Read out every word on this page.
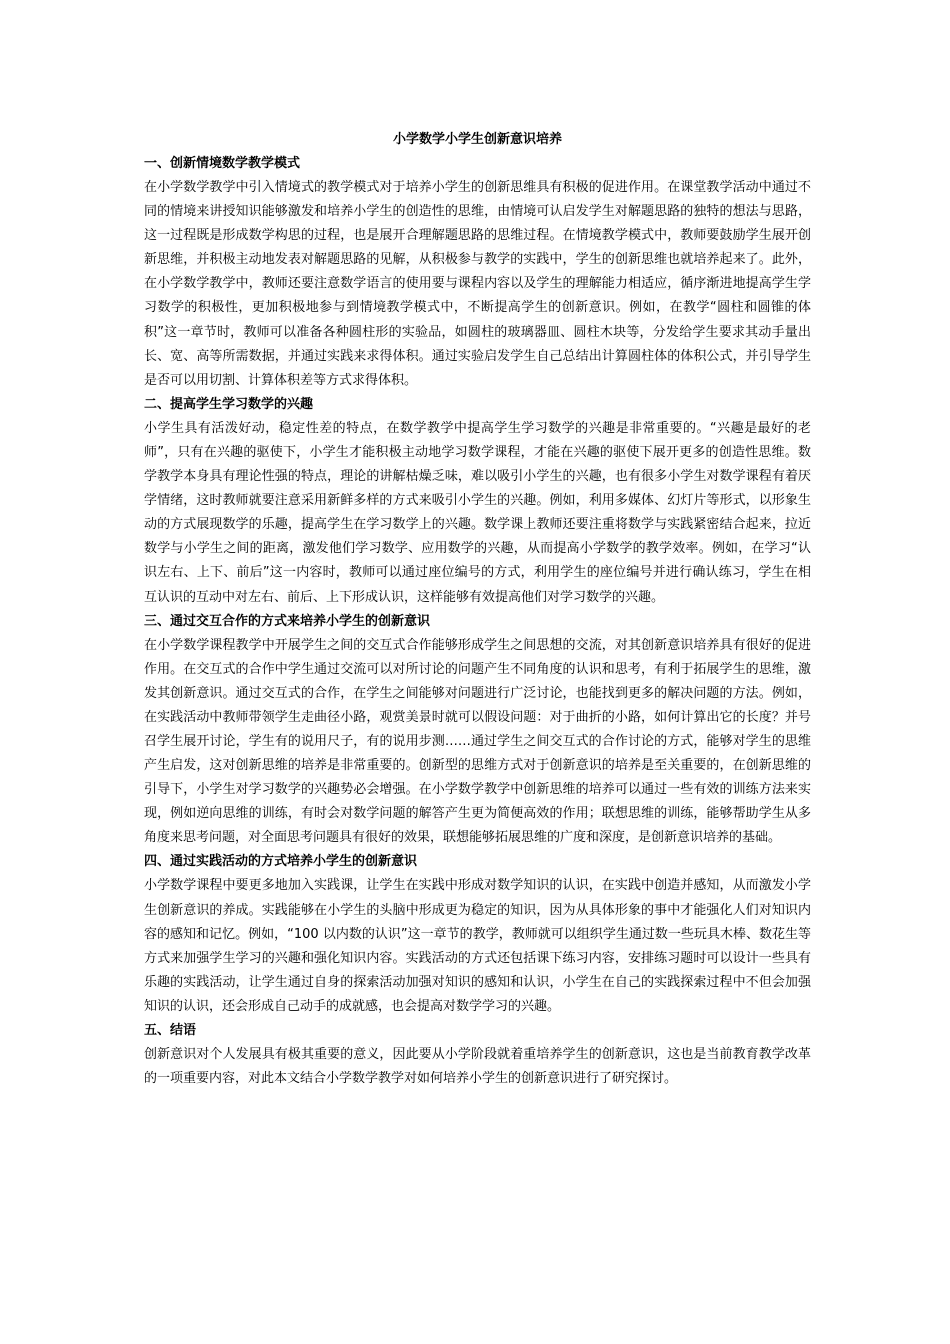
小学数学小学生创新意识培养
一、创新情境数学教学模式

在小学数学教学中引入情境式的教学模式对于培养小学生的创新思维具有积极的促进作用。在课堂教学活动中通过不同的情境来讲授知识能够激发和培养小学生的创造性的思维，由情境可认启发学生对解题思路的独特的想法与思路，这一过程既是形成数学构思的过程，也是展开合理解题思路的思维过程。在情境教学模式中，教师要鼓励学生展开创新思维，并积极主动地发表对解题思路的见解，从积极参与教学的实践中，学生的创新思维也就培养起来了。此外，在小学数学教学中，教师还要注意数学语言的使用要与课程内容以及学生的理解能力相适应，循序渐进地提高学生学习数学的积极性，更加积极地参与到情境教学模式中，不断提高学生的创新意识。例如，在教学“圆柱和圆锥的体积”这一章节时，教师可以准备各种圆柱形的实验品，如圆柱的玻璃器皿、圆柱木块等，分发给学生要求其动手量出长、宽、高等所需数据，并通过实践来求得体积。通过实验启发学生自己总结出计算圆柱体的体积公式，并引导学生是否可以用切割、计算体积差等方式求得体积。

二、提高学生学习数学的兴趣

小学生具有活泼好动，稳定性差的特点，在数学教学中提高学生学习数学的兴趣是非常重要的。“兴趣是最好的老师”，只有在兴趣的驱使下，小学生才能积极主动地学习数学课程，才能在兴趣的驱使下展开更多的创造性思维。数学教学本身具有理论性强的特点，理论的讲解枯燥乏味，难以吸引小学生的兴趣，也有很多小学生对数学课程有着厌学情绪，这时教师就要注意采用新鲜多样的方式来吸引小学生的兴趣。例如，利用多媒体、幻灯片等形式，以形象生动的方式展现数学的乐趣，提高学生在学习数学上的兴趣。数学课上教师还要注重将数学与实践紧密结合起来，拉近数学与小学生之间的距离，激发他们学习数学、应用数学的兴趣，从而提高小学数学的教学效率。例如，在学习“认识左右、上下、前后”这一内容时，教师可以通过座位编号的方式，利用学生的座位编号并进行确认练习，学生在相互认识的互动中对左右、前后、上下形成认识，这样能够有效提高他们对学习数学的兴趣。

三、通过交互合作的方式来培养小学生的创新意识

在小学数学课程教学中开展学生之间的交互式合作能够形成学生之间思想的交流，对其创新意识培养具有很好的促进作用。在交互式的合作中学生通过交流可以对所讨论的问题产生不同角度的认识和思考，有利于拓展学生的思维，激发其创新意识。通过交互式的合作，在学生之间能够对问题进行广泛讨论，也能找到更多的解决问题的方法。例如，在实践活动中教师带领学生走曲径小路，观赏美景时就可以假设问题：对于曲折的小路，如何计算出它的长度？并号召学生展开讨论，学生有的说用尺子，有的说用步测……通过学生之间交互式的合作讨论的方式，能够对学生的思维产生启发，这对创新思维的培养是非常重要的。创新型的思维方式对于创新意识的培养是至关重要的，在创新思维的引导下，小学生对学习数学的兴趣势必会增强。在小学数学教学中创新思维的培养可以通过一些有效的训练方法来实现，例如逆向思维的训练，有时会对数学问题的解答产生更为简便高效的作用；联想思维的训练，能够帮助学生从多角度来思考问题，对全面思考问题具有很好的效果，联想能够拓展思维的广度和深度，是创新意识培养的基础。

四、通过实践活动的方式培养小学生的创新意识

小学数学课程中要更多地加入实践课，让学生在实践中形成对数学知识的认识，在实践中创造并感知，从而激发小学生创新意识的养成。实践能够在小学生的头脑中形成更为稳定的知识，因为从具体形象的事中才能强化人们对知识内容的感知和记忆。例如，“100 以内数的认识”这一章节的教学，教师就可以组织学生通过数一些玩具木棒、数花生等方式来加强学生学习的兴趣和强化知识内容。实践活动的方式还包括课下练习内容，安排练习题时可以设计一些具有乐趣的实践活动，让学生通过自身的探索活动加强对知识的感知和认识，小学生在自己的实践探索过程中不但会加强知识的认识，还会形成自己动手的成就感，也会提高对数学学习的兴趣。

五、结语

创新意识对个人发展具有极其重要的意义，因此要从小学阶段就着重培养学生的创新意识，这也是当前教育教学改革的一项重要内容，对此本文结合小学数学教学对如何培养小学生的创新意识进行了研究探讨。
